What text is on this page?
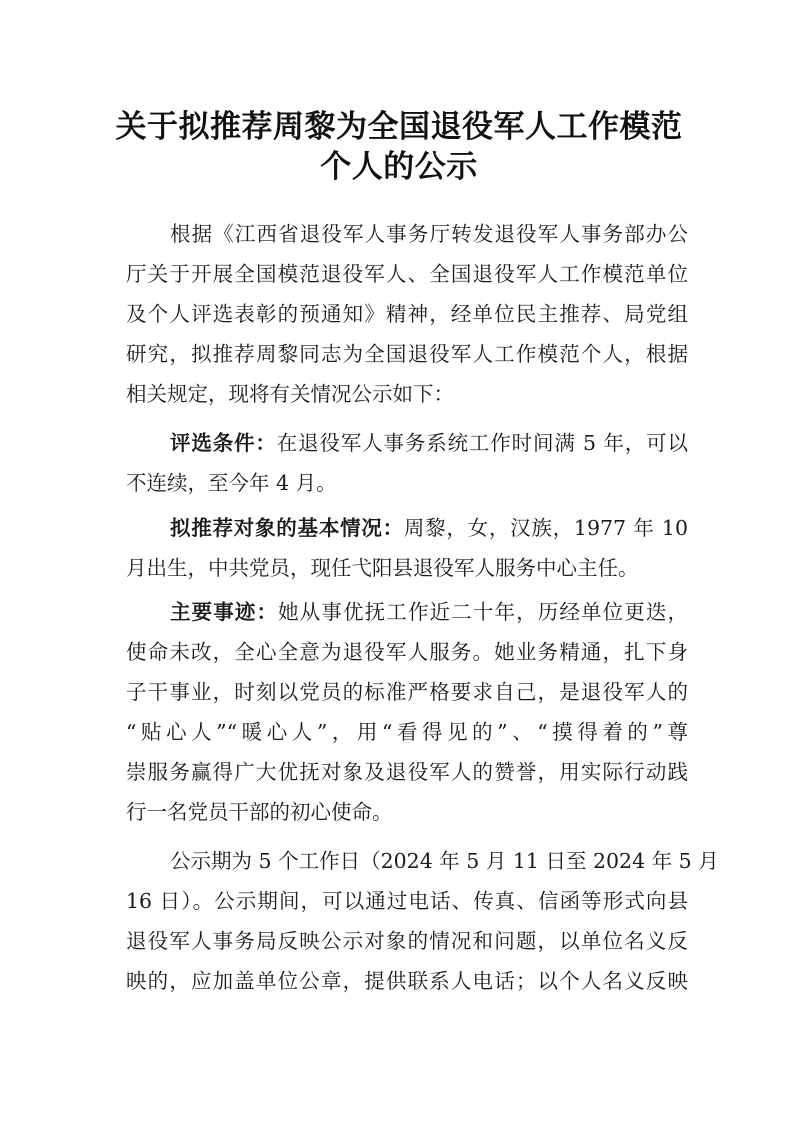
关于拟推荐周黎为全国退役军人工作模范
个人的公示
根据《江西省退役军人事务厅转发退役军人事务部办公
厅关于开展全国模范退役军人、全国退役军人工作模范单位
及个人评选表彰的预通知》精神，经单位民主推荐、局党组
研究，拟推荐周黎同志为全国退役军人工作模范个人，根据
相关规定，现将有关情况公示如下：
评选条件：在退役军人事务系统工作时间满 5 年，可以
不连续，至今年 4 月。
拟推荐对象的基本情况：周黎，女，汉族，1977 年 10
月出生，中共党员，现任弋阳县退役军人服务中心主任。
主要事迹：她从事优抚工作近二十年，历经单位更迭，
使命未改，全心全意为退役军人服务。她业务精通，扎下身
子干事业，时刻以党员的标准严格要求自己，是退役军人的
“贴心人”“暖心人”，用“看得见的”、“摸得着的”尊
崇服务赢得广大优抚对象及退役军人的赞誉，用实际行动践
行一名党员干部的初心使命。
公示期为 5 个工作日（2024 年 5 月 11 日至 2024 年 5 月
16 日）。公示期间，可以通过电话、传真、信函等形式向县
退役军人事务局反映公示对象的情况和问题，以单位名义反
映的，应加盖单位公章，提供联系人电话；以个人名义反映
